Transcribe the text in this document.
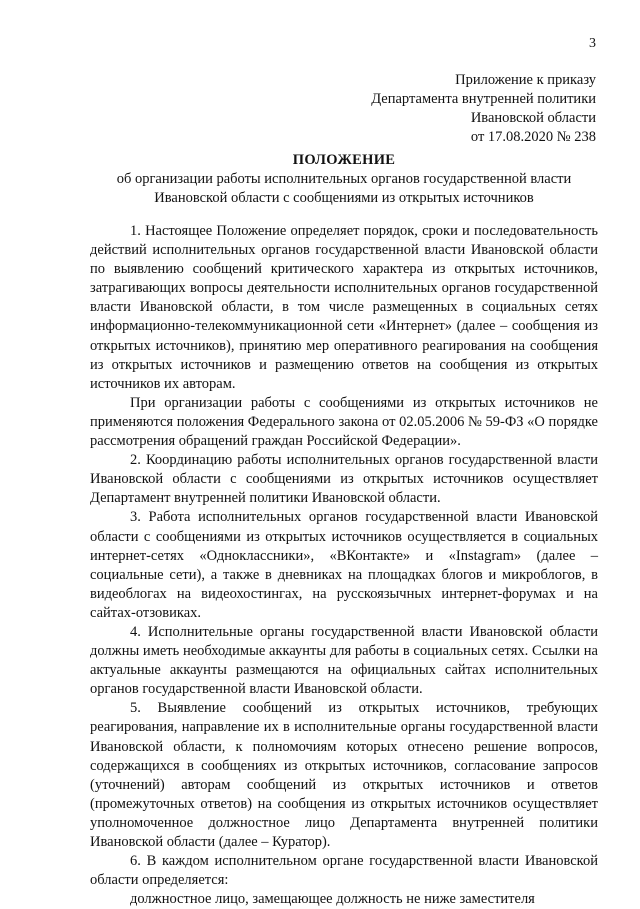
3
Приложение к приказу
Департамента внутренней политики
Ивановской области
от 17.08.2020 № 238
ПОЛОЖЕНИЕ
об организации работы исполнительных органов государственной власти
Ивановской области с сообщениями из открытых источников

1. Настоящее Положение определяет порядок, сроки и последовательность действий исполнительных органов государственной власти Ивановской области по выявлению сообщений критического характера из открытых источников, затрагивающих вопросы деятельности исполнительных органов государственной власти Ивановской области, в том числе размещенных в социальных сетях информационно-телекоммуникационной сети «Интернет» (далее – сообщения из открытых источников), принятию мер оперативного реагирования на сообщения из открытых источников и размещению ответов на сообщения из открытых источников их авторам.

При организации работы с сообщениями из открытых источников не применяются положения Федерального закона от 02.05.2006 № 59-ФЗ «О порядке рассмотрения обращений граждан Российской Федерации».

2. Координацию работы исполнительных органов государственной власти Ивановской области с сообщениями из открытых источников осуществляет Департамент внутренней политики Ивановской области.

3. Работа исполнительных органов государственной власти Ивановской области с сообщениями из открытых источников осуществляется в социальных интернет-сетях «Одноклассники», «ВКонтакте» и «Instagram» (далее – социальные сети), а также в дневниках на площадках блогов и микроблогов, в видеоблогах на видеохостингах, на русскоязычных интернет-форумах и на сайтах-отзовиках.

4. Исполнительные органы государственной власти Ивановской области должны иметь необходимые аккаунты для работы в социальных сетях. Ссылки на актуальные аккаунты размещаются на официальных сайтах исполнительных органов государственной власти Ивановской области.

5. Выявление сообщений из открытых источников, требующих реагирования, направление их в исполнительные органы государственной власти Ивановской области, к полномочиям которых отнесено решение вопросов, содержащихся в сообщениях из открытых источников, согласование запросов (уточнений) авторам сообщений из открытых источников и ответов (промежуточных ответов) на сообщения из открытых источников осуществляет уполномоченное должностное лицо Департамента внутренней политики Ивановской области (далее – Куратор).

6. В каждом исполнительном органе государственной власти Ивановской области определяется:

должностное лицо, замещающее должность не ниже заместителя
